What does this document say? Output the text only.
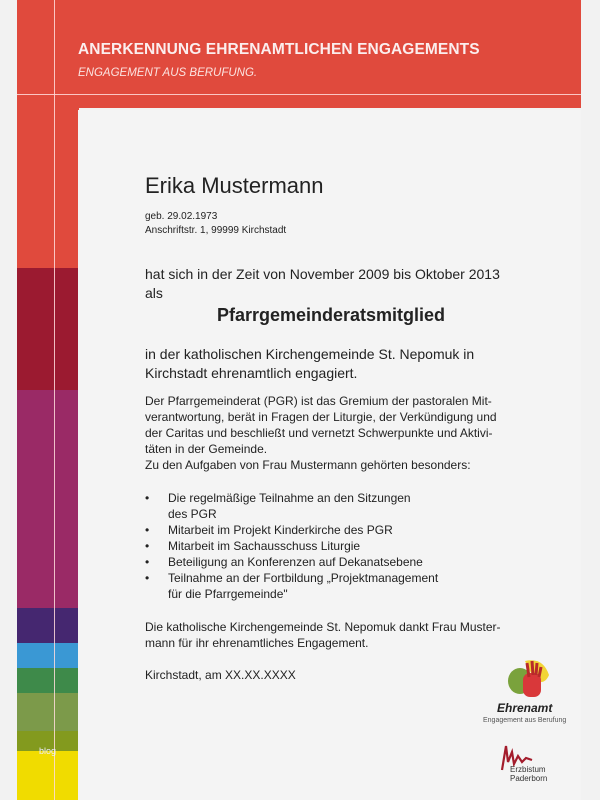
ANERKENNUNG EHRENAMTLICHEN ENGAGEMENTS
ENGAGEMENT AUS BERUFUNG.
blog
Erika Mustermann
geb. 29.02.1973
Anschriftstr. 1, 99999 Kirchstadt
hat sich in der Zeit von November 2009 bis Oktober 2013
als
Pfarrgemeinderatsmitglied
in der katholischen Kirchengemeinde St. Nepomuk in
Kirchstadt ehrenamtlich engagiert.
Der Pfarrgemeinderat (PGR) ist das Gremium der pastoralen Mit-
verantwortung, berät in Fragen der Liturgie, der Verkündigung und
der Caritas und beschließt und vernetzt Schwerpunkte und Aktivi-
täten in der Gemeinde.
Zu den Aufgaben von Frau Mustermann gehörten besonders:
• Die regelmäßige Teilnahme an den Sitzungen
des PGR
• Mitarbeit im Projekt Kinderkirche des PGR
• Mitarbeit im Sachausschuss Liturgie
• Beteiligung an Konferenzen auf Dekanatsebene
• Teilnahme an der Fortbildung „Projektmanagement
für die Pfarrgemeinde"
Die katholische Kirchengemeinde St. Nepomuk dankt Frau Muster-
mann für ihr ehrenamtliches Engagement.
Kirchstadt, am XX.XX.XXXX
Ehrenamt
Engagement aus Berufung
Erzbistum
Paderborn
